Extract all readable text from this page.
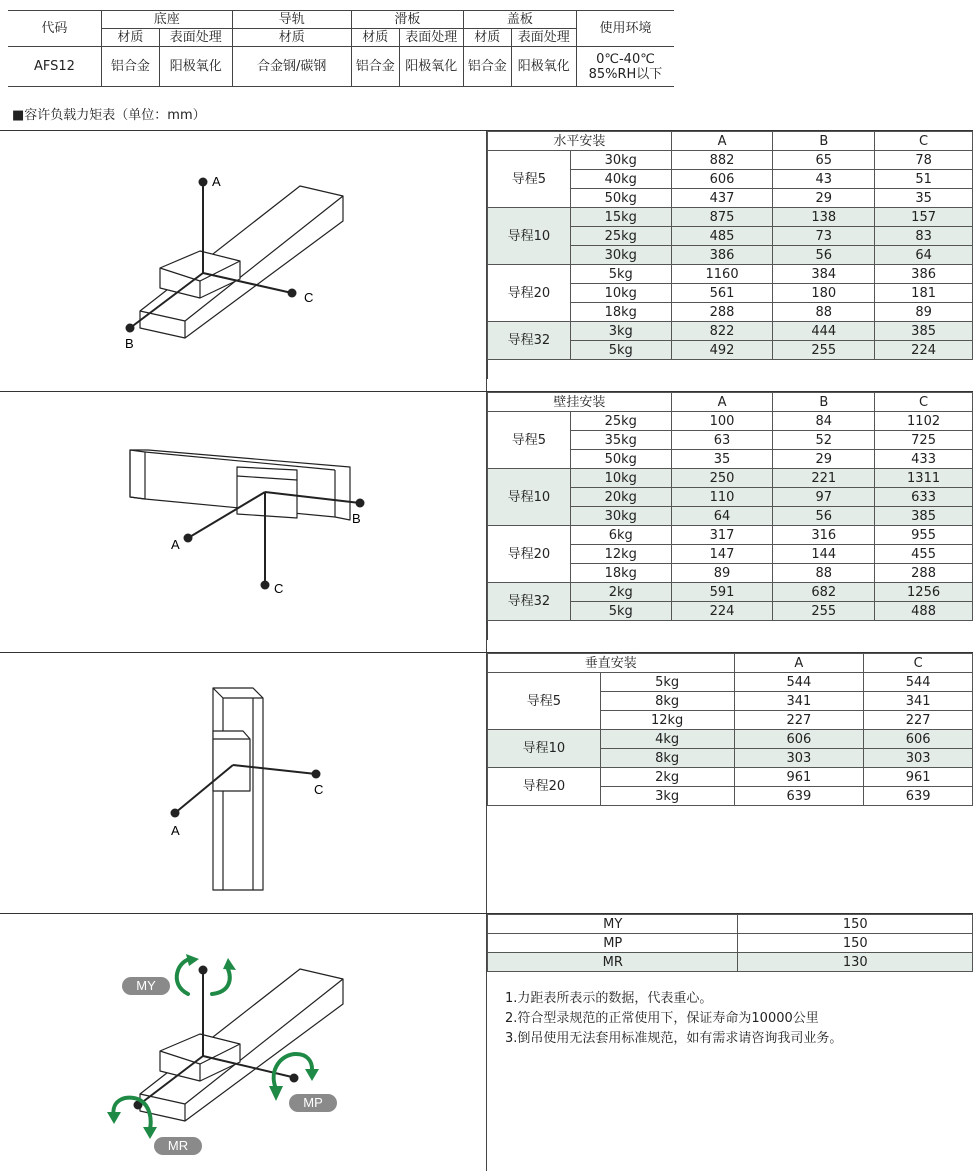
代码	底座		导轨	滑板		盖板		使用环境
	材质	表面处理	材质	材质	表面处理	材质	表面处理	
AFS12	铝合金	阳极氧化	合金钢/碳钢	铝合金	阳极氧化	铝合金	阳极氧化	0℃-40℃
85%RH以下
■容许负载力矩表（单位：mm）
A
C
B
水平安装		A	B	C
导程5	30kg	882	65	78
	40kg	606	43	51
	50kg	437	29	35
导程10	15kg	875	138	157
	25kg	485	73	83
	30kg	386	56	64
导程20	5kg	1160	384	386
	10kg	561	180	181
	18kg	288	88	89
导程32	3kg	822	444	385
	5kg	492	255	224

B
A
C
壁挂安装		A	B	C
导程5	25kg	100	84	1102
	35kg	63	52	725
	50kg	35	29	433
导程10	10kg	250	221	1311
	20kg	110	97	633
	30kg	64	56	385
导程20	6kg	317	316	955
	12kg	147	144	455
	18kg	89	88	288
导程32	2kg	591	682	1256
	5kg	224	255	488

C
A
垂直安装		A	C
导程5	5kg	544	544
	8kg	341	341
	12kg	227	227
导程10	4kg	606	606
	8kg	303	303
导程20	2kg	961	961
	3kg	639	639
MY
MP
MR
MY	150
MP	150
MR	130
1.力距表所表示的数据，代表重心。
2.符合型录规范的正常使用下，保证寿命为10000公里
3.倒吊使用无法套用标准规范，如有需求请咨询我司业务。
